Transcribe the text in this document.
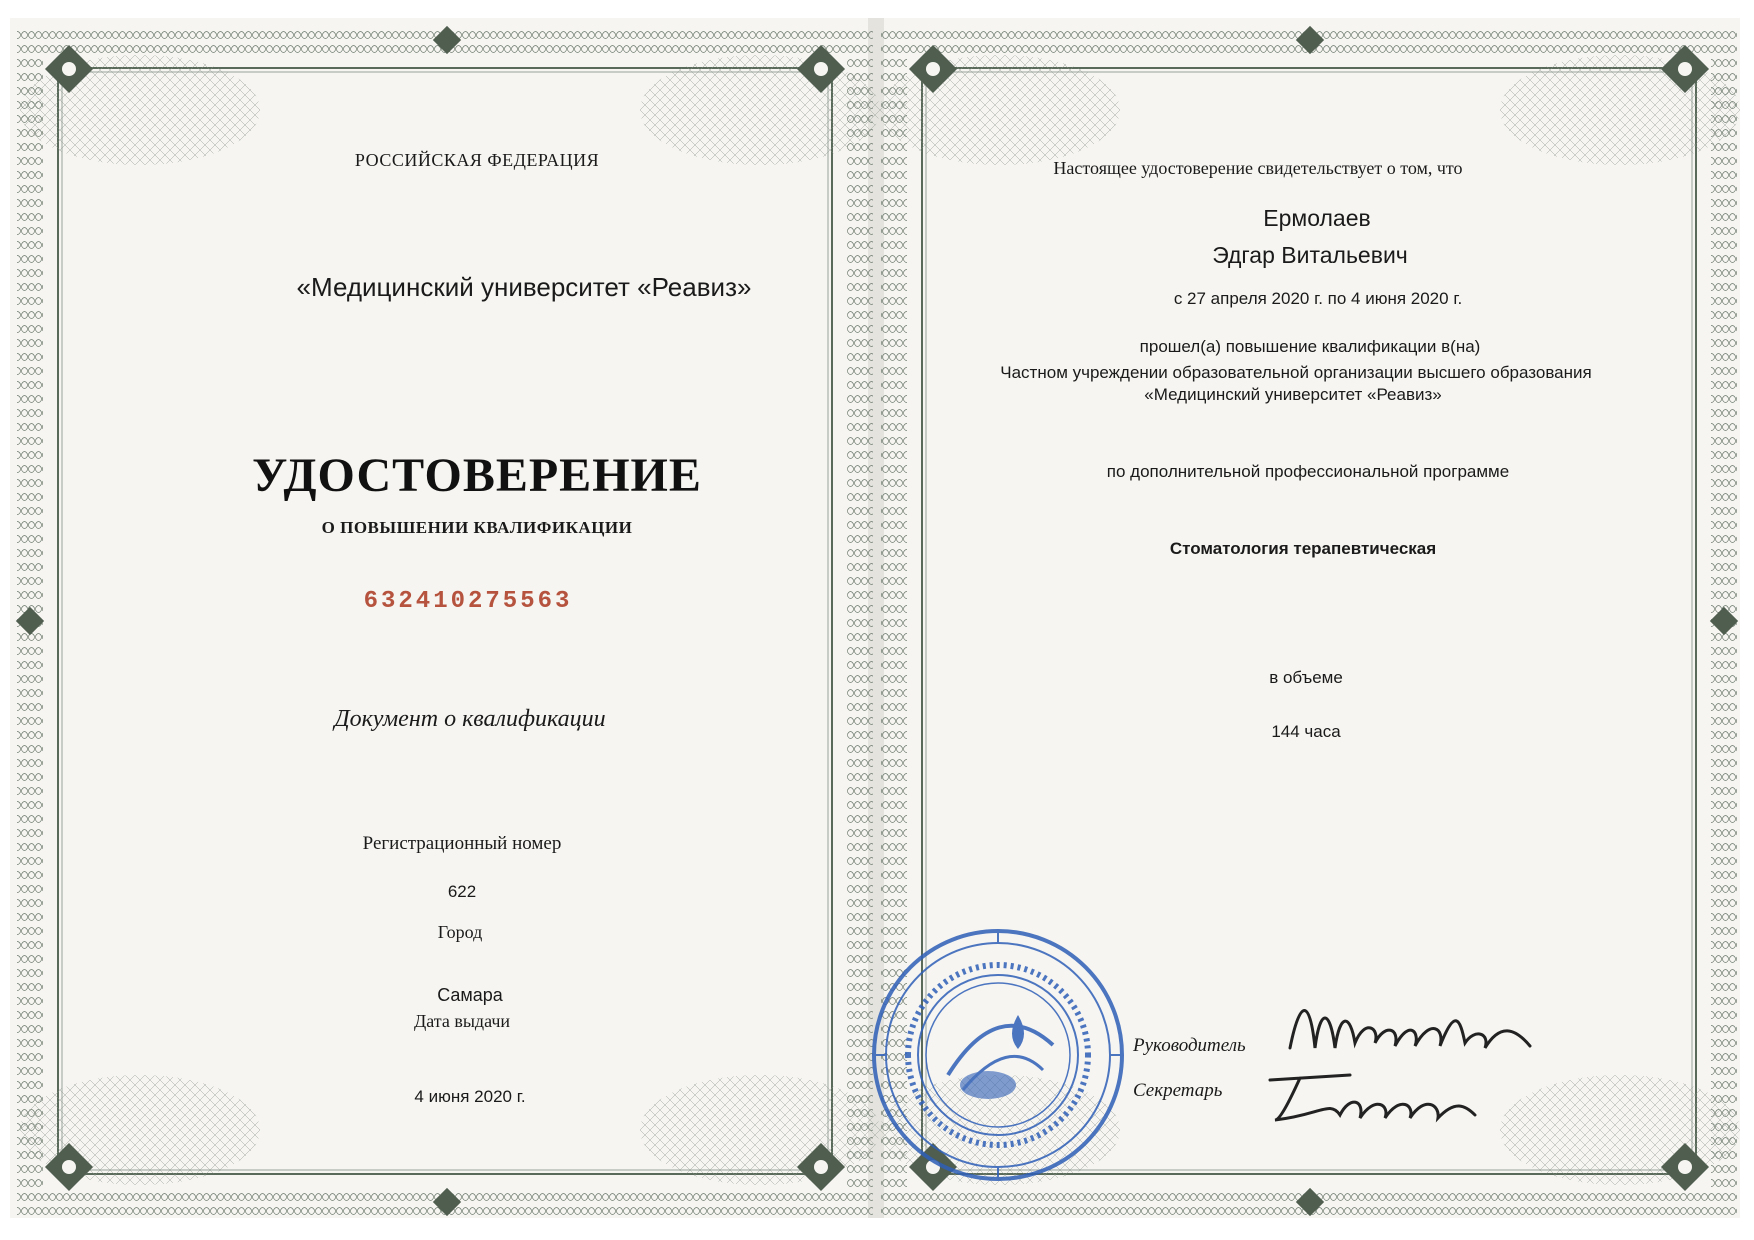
РОССИЙСКАЯ ФЕДЕРАЦИЯ

«Медицинский университет «Реавиз»

УДОСТОВЕРЕНИЕ

О ПОВЫШЕНИИ КВАЛИФИКАЦИИ

632410275563

Документ о квалификации

Регистрационный номер

622

Город

Самара

Дата выдачи

4 июня 2020 г.

Настоящее удостоверение свидетельствует о том, что

Ермолаев

Эдгар Витальевич

с 27 апреля 2020 г. по 4 июня 2020 г.

прошел(а) повышение квалификации в(на)

Частном учреждении образовательной организации высшего образования

«Медицинский университет «Реавиз»

по дополнительной профессиональной программе

Стоматология терапевтическая

в объеме

144 часа

Руководитель

Секретарь
